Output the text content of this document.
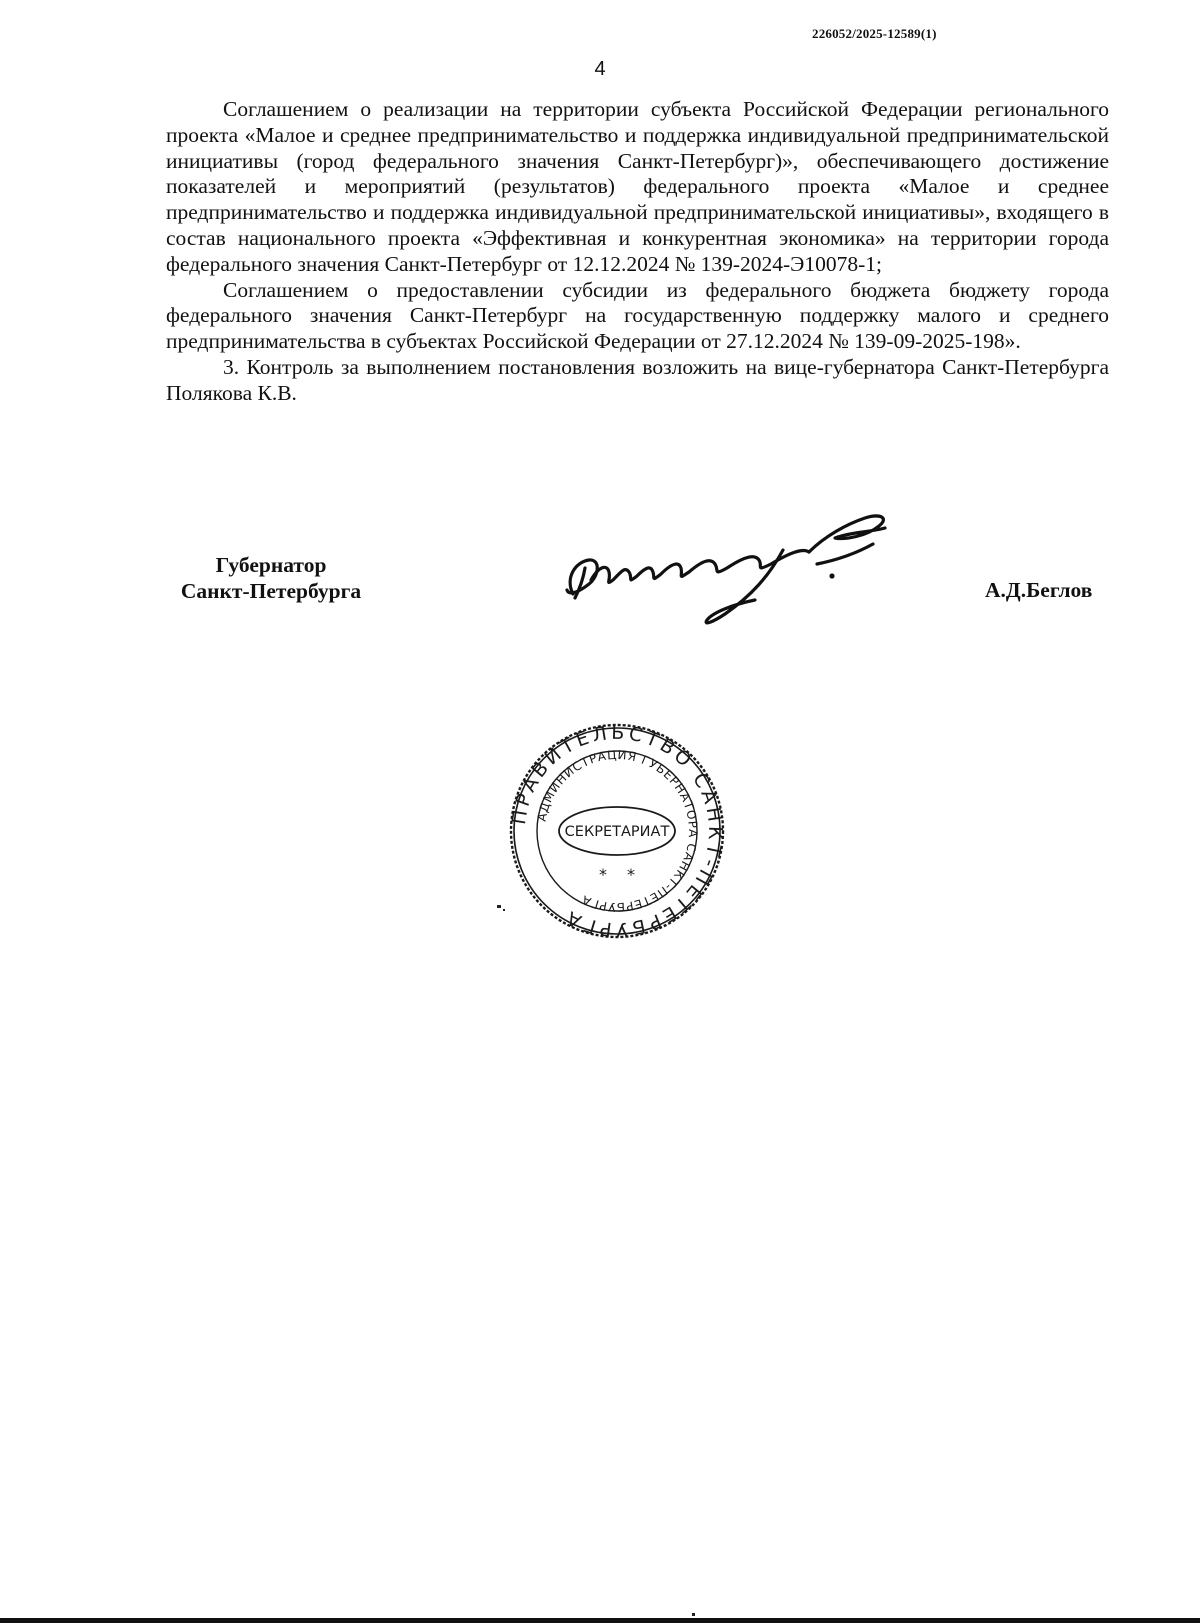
226052/2025-12589(1)
4

Соглашением о реализации на территории субъекта Российской Федерации регионального проекта «Малое и среднее предпринимательство и поддержка индивидуальной предпринимательской инициативы (город федерального значения Санкт-Петербург)», обеспечивающего достижение показателей и мероприятий (результатов) федерального проекта «Малое и среднее предпринимательство и поддержка индивидуальной предпринимательской инициативы», входящего в состав национального проекта «Эффективная и конкурентная экономика» на территории города федерального значения Санкт-Петербург от 12.12.2024 № 139-2024-Э10078-1;

Соглашением о предоставлении субсидии из федерального бюджета бюджету города федерального значения Санкт-Петербург на государственную поддержку малого и среднего предпринимательства в субъектах Российской Федерации от 27.12.2024 № 139-09-2025-198».

3. Контроль за выполнением постановления возложить на вице-губернатора Санкт-Петербурга Полякова К.В.

Губернатор
Санкт-Петербурга	А.Д.Беглов
ПРАВИТЕЛЬСТВО САНКТ-ПЕТЕРБУРГА
АДМИНИСТРАЦИЯ ГУБЕРНАТОРА САНКТ-ПЕТЕРБУРГА
СЕКРЕТАРИАТ
* *
